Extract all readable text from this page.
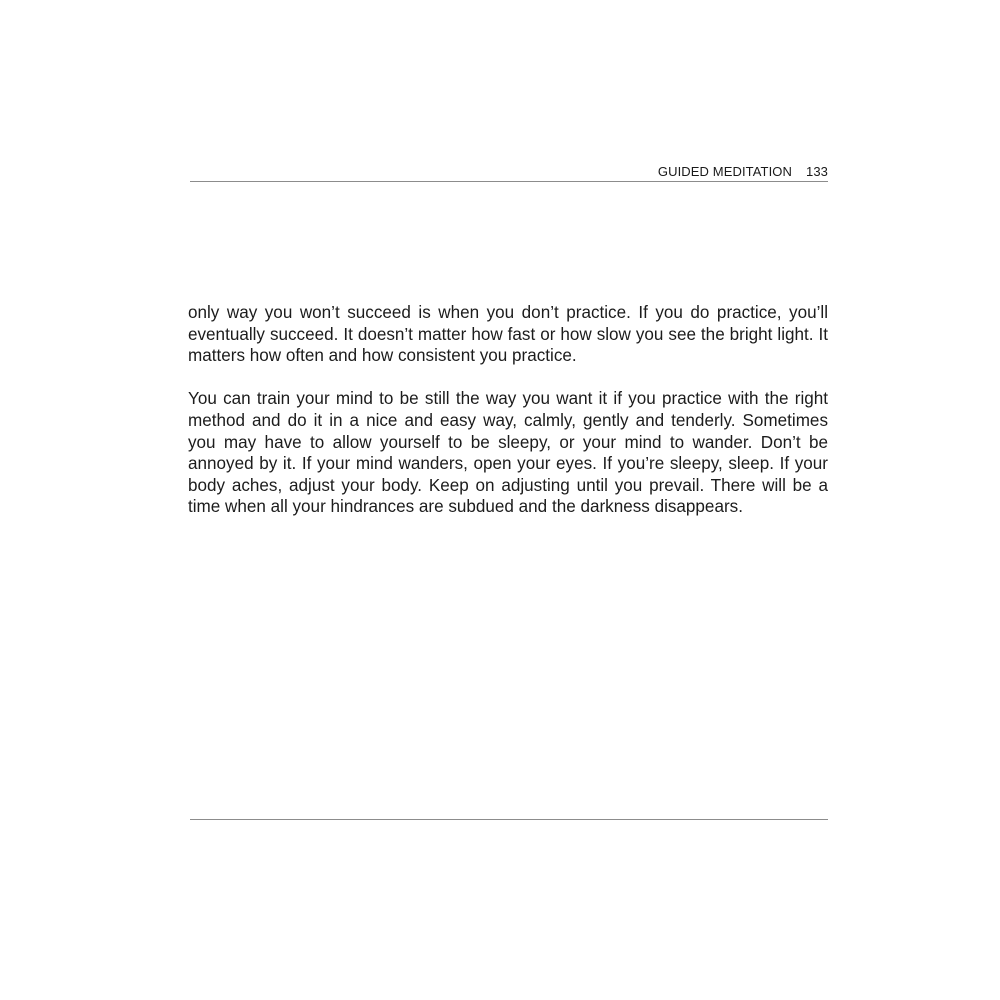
GUIDED MEDITATION 133

only way you won’t succeed is when you don’t practice. If you do practice, you’ll eventually succeed. It doesn’t matter how fast or how slow you see the bright light. It matters how often and how consistent you practice.

You can train your mind to be still the way you want it if you practice with the right method and do it in a nice and easy way, calmly, gently and tenderly. Sometimes you may have to allow yourself to be sleepy, or your mind to wander. Don’t be annoyed by it. If your mind wanders, open your eyes. If you’re sleepy, sleep. If your body aches, adjust your body. Keep on adjusting until you prevail. There will be a time when all your hindrances are subdued and the darkness disappears.
